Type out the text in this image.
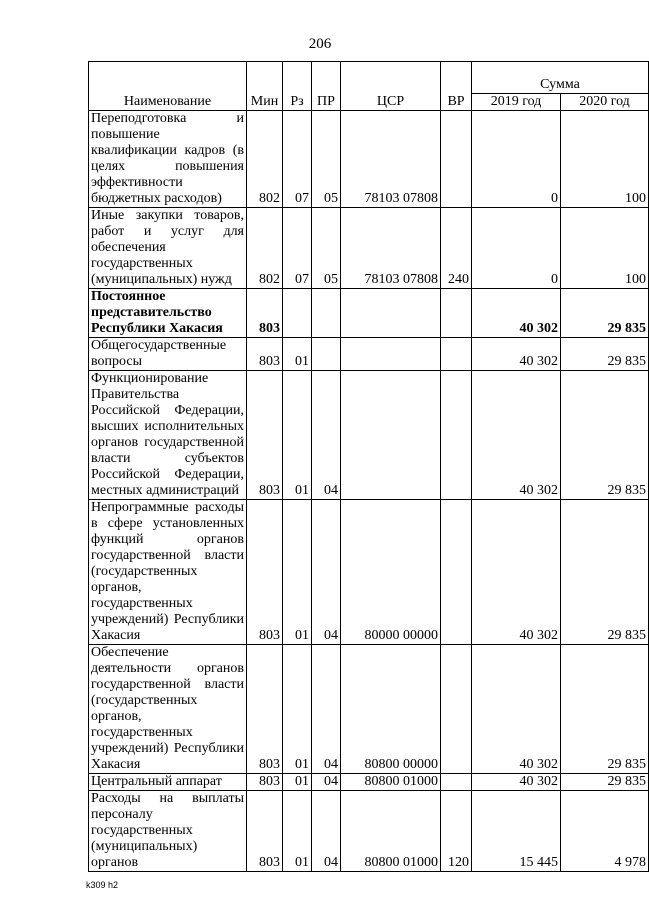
206
Наименование	Мин	Рз	ПР	ЦСР	ВР	Сумма	
						2019 год	2020 год
Переподготовка и повышение квалификации кадров (в целях повышения эффективности бюджетных расходов)	802	07	05	78103 07808		0	100
Иные закупки товаров, работ и услуг для обеспечения государственных (муниципальных) нужд	802	07	05	78103 07808	240	0	100
Постоянное представительство Республики Хакасия	803					40 302	29 835
Общегосударственные вопросы	803	01				40 302	29 835
Функционирование Правительства Российской Федерации, высших исполнительных органов государственной власти субъектов Российской Федерации, местных администраций	803	01	04			40 302	29 835
Непрограммные расходы в сфере установленных функций органов государственной власти (государственных органов, государственных учреждений) Республики Хакасия	803	01	04	80000 00000		40 302	29 835
Обеспечение деятельности органов государственной власти (государственных органов, государственных учреждений) Республики Хакасия	803	01	04	80800 00000		40 302	29 835
Центральный аппарат	803	01	04	80800 01000		40 302	29 835
Расходы на выплаты персоналу государственных (муниципальных) органов	803	01	04	80800 01000	120	15 445	4 978
k309 h2
